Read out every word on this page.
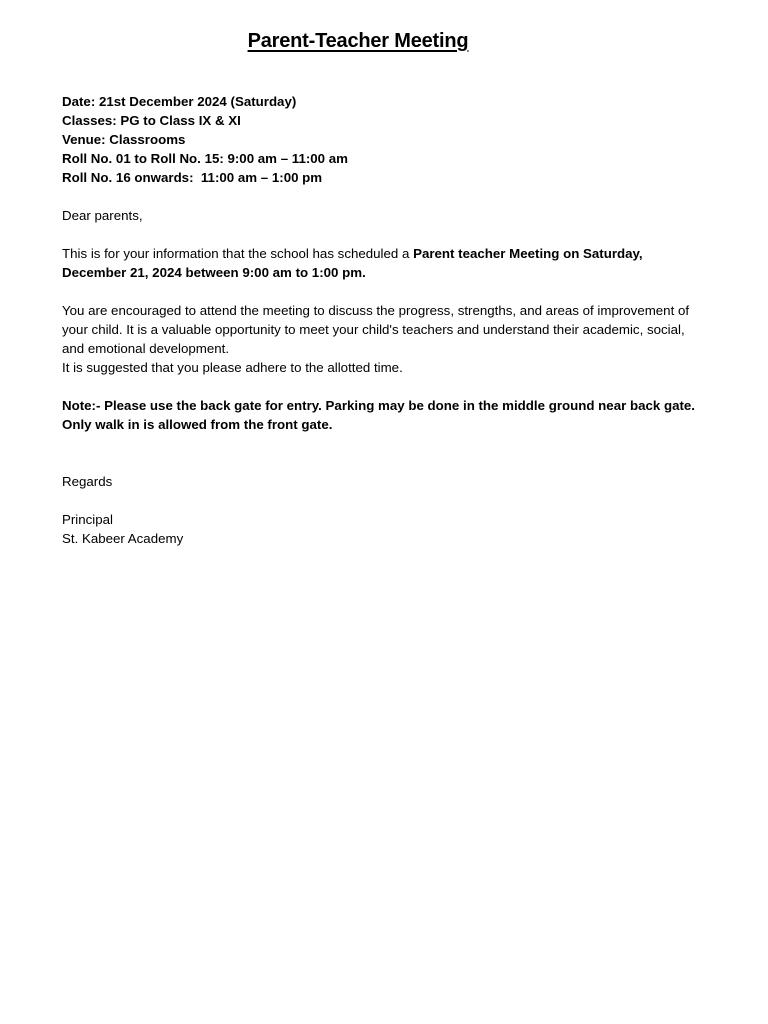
Parent-Teacher Meeting
Date: 21st December 2024 (Saturday)
Classes: PG to Class IX & XI
Venue: Classrooms
Roll No. 01 to Roll No. 15: 9:00 am – 11:00 am
Roll No. 16 onwards:  11:00 am – 1:00 pm
Dear parents,

This is for your information that the school has scheduled a Parent teacher Meeting on Saturday,
December 21, 2024 between 9:00 am to 1:00 pm.

You are encouraged to attend the meeting to discuss the progress, strengths, and areas of improvement of
your child. It is a valuable opportunity to meet your child's teachers and understand their academic, social,
and emotional development.
It is suggested that you please adhere to the allotted time.

Note:- Please use the back gate for entry. Parking may be done in the middle ground near back gate.
Only walk in is allowed from the front gate.

Regards
Principal
St. Kabeer Academy
